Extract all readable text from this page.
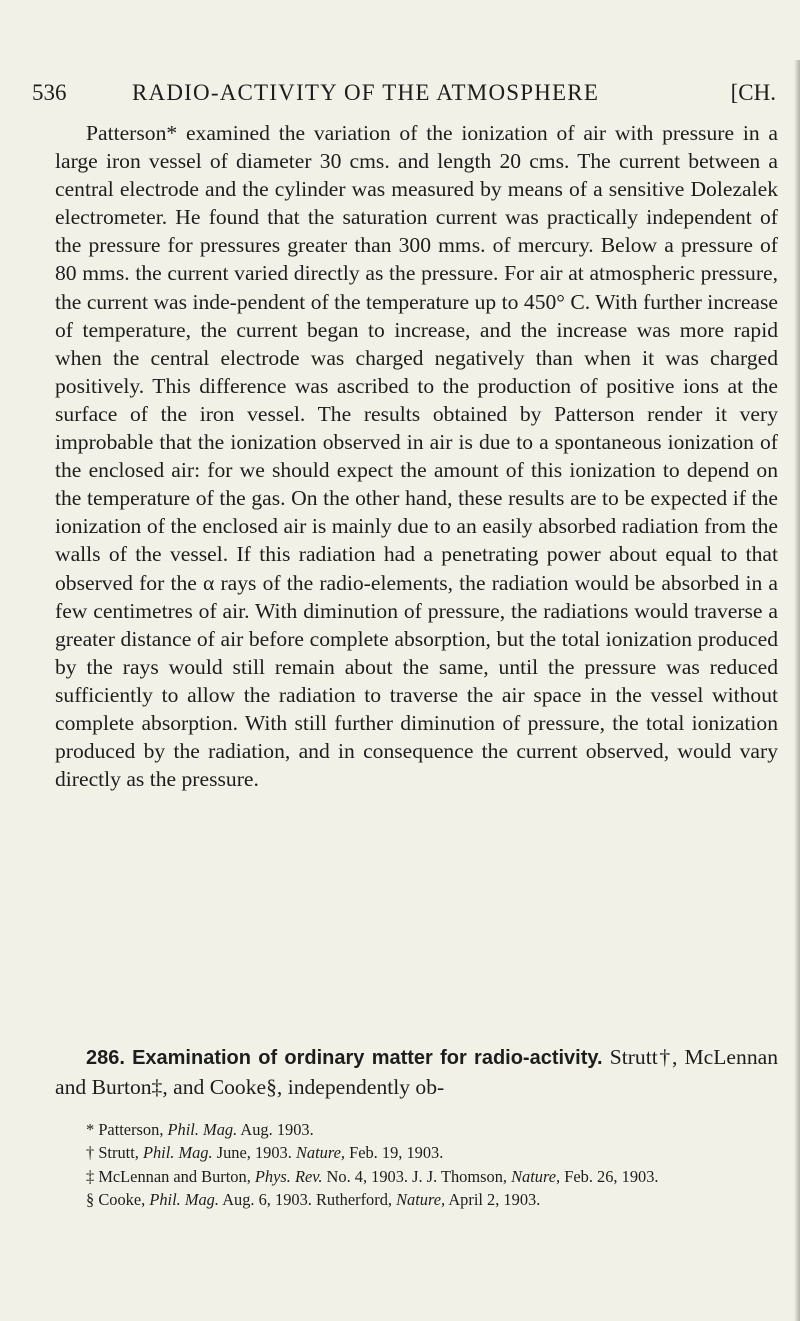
536	RADIO-ACTIVITY OF THE ATMOSPHERE	[CH.

Patterson* examined the variation of the ionization of air with pressure in a large iron vessel of diameter 30 cms. and length 20 cms. The current between a central electrode and the cylinder was measured by means of a sensitive Dolezalek electrometer. He found that the saturation current was practically independent of the pressure for pressures greater than 300 mms. of mercury. Below a pressure of 80 mms. the current varied directly as the pressure. For air at atmospheric pressure, the current was inde-pendent of the temperature up to 450° C. With further increase of temperature, the current began to increase, and the increase was more rapid when the central electrode was charged negatively than when it was charged positively. This difference was ascribed to the production of positive ions at the surface of the iron vessel. The results obtained by Patterson render it very improbable that the ionization observed in air is due to a spontaneous ionization of the enclosed air: for we should expect the amount of this ionization to depend on the temperature of the gas. On the other hand, these results are to be expected if the ionization of the enclosed air is mainly due to an easily absorbed radiation from the walls of the vessel. If this radiation had a penetrating power about equal to that observed for the α rays of the radio-elements, the radiation would be absorbed in a few centimetres of air. With diminution of pressure, the radiations would traverse a greater distance of air before complete absorption, but the total ionization produced by the rays would still remain about the same, until the pressure was reduced sufficiently to allow the radiation to traverse the air space in the vessel without complete absorption. With still further diminution of pressure, the total ionization produced by the radiation, and in consequence the current observed, would vary directly as the pressure.

286. Examination of ordinary matter for radio-activity. Strutt†, McLennan and Burton‡, and Cooke§, independently ob-

* Patterson, Phil. Mag. Aug. 1903.

† Strutt, Phil. Mag. June, 1903. Nature, Feb. 19, 1903.

‡ McLennan and Burton, Phys. Rev. No. 4, 1903. J. J. Thomson, Nature, Feb. 26, 1903.

§ Cooke, Phil. Mag. Aug. 6, 1903. Rutherford, Nature, April 2, 1903.
